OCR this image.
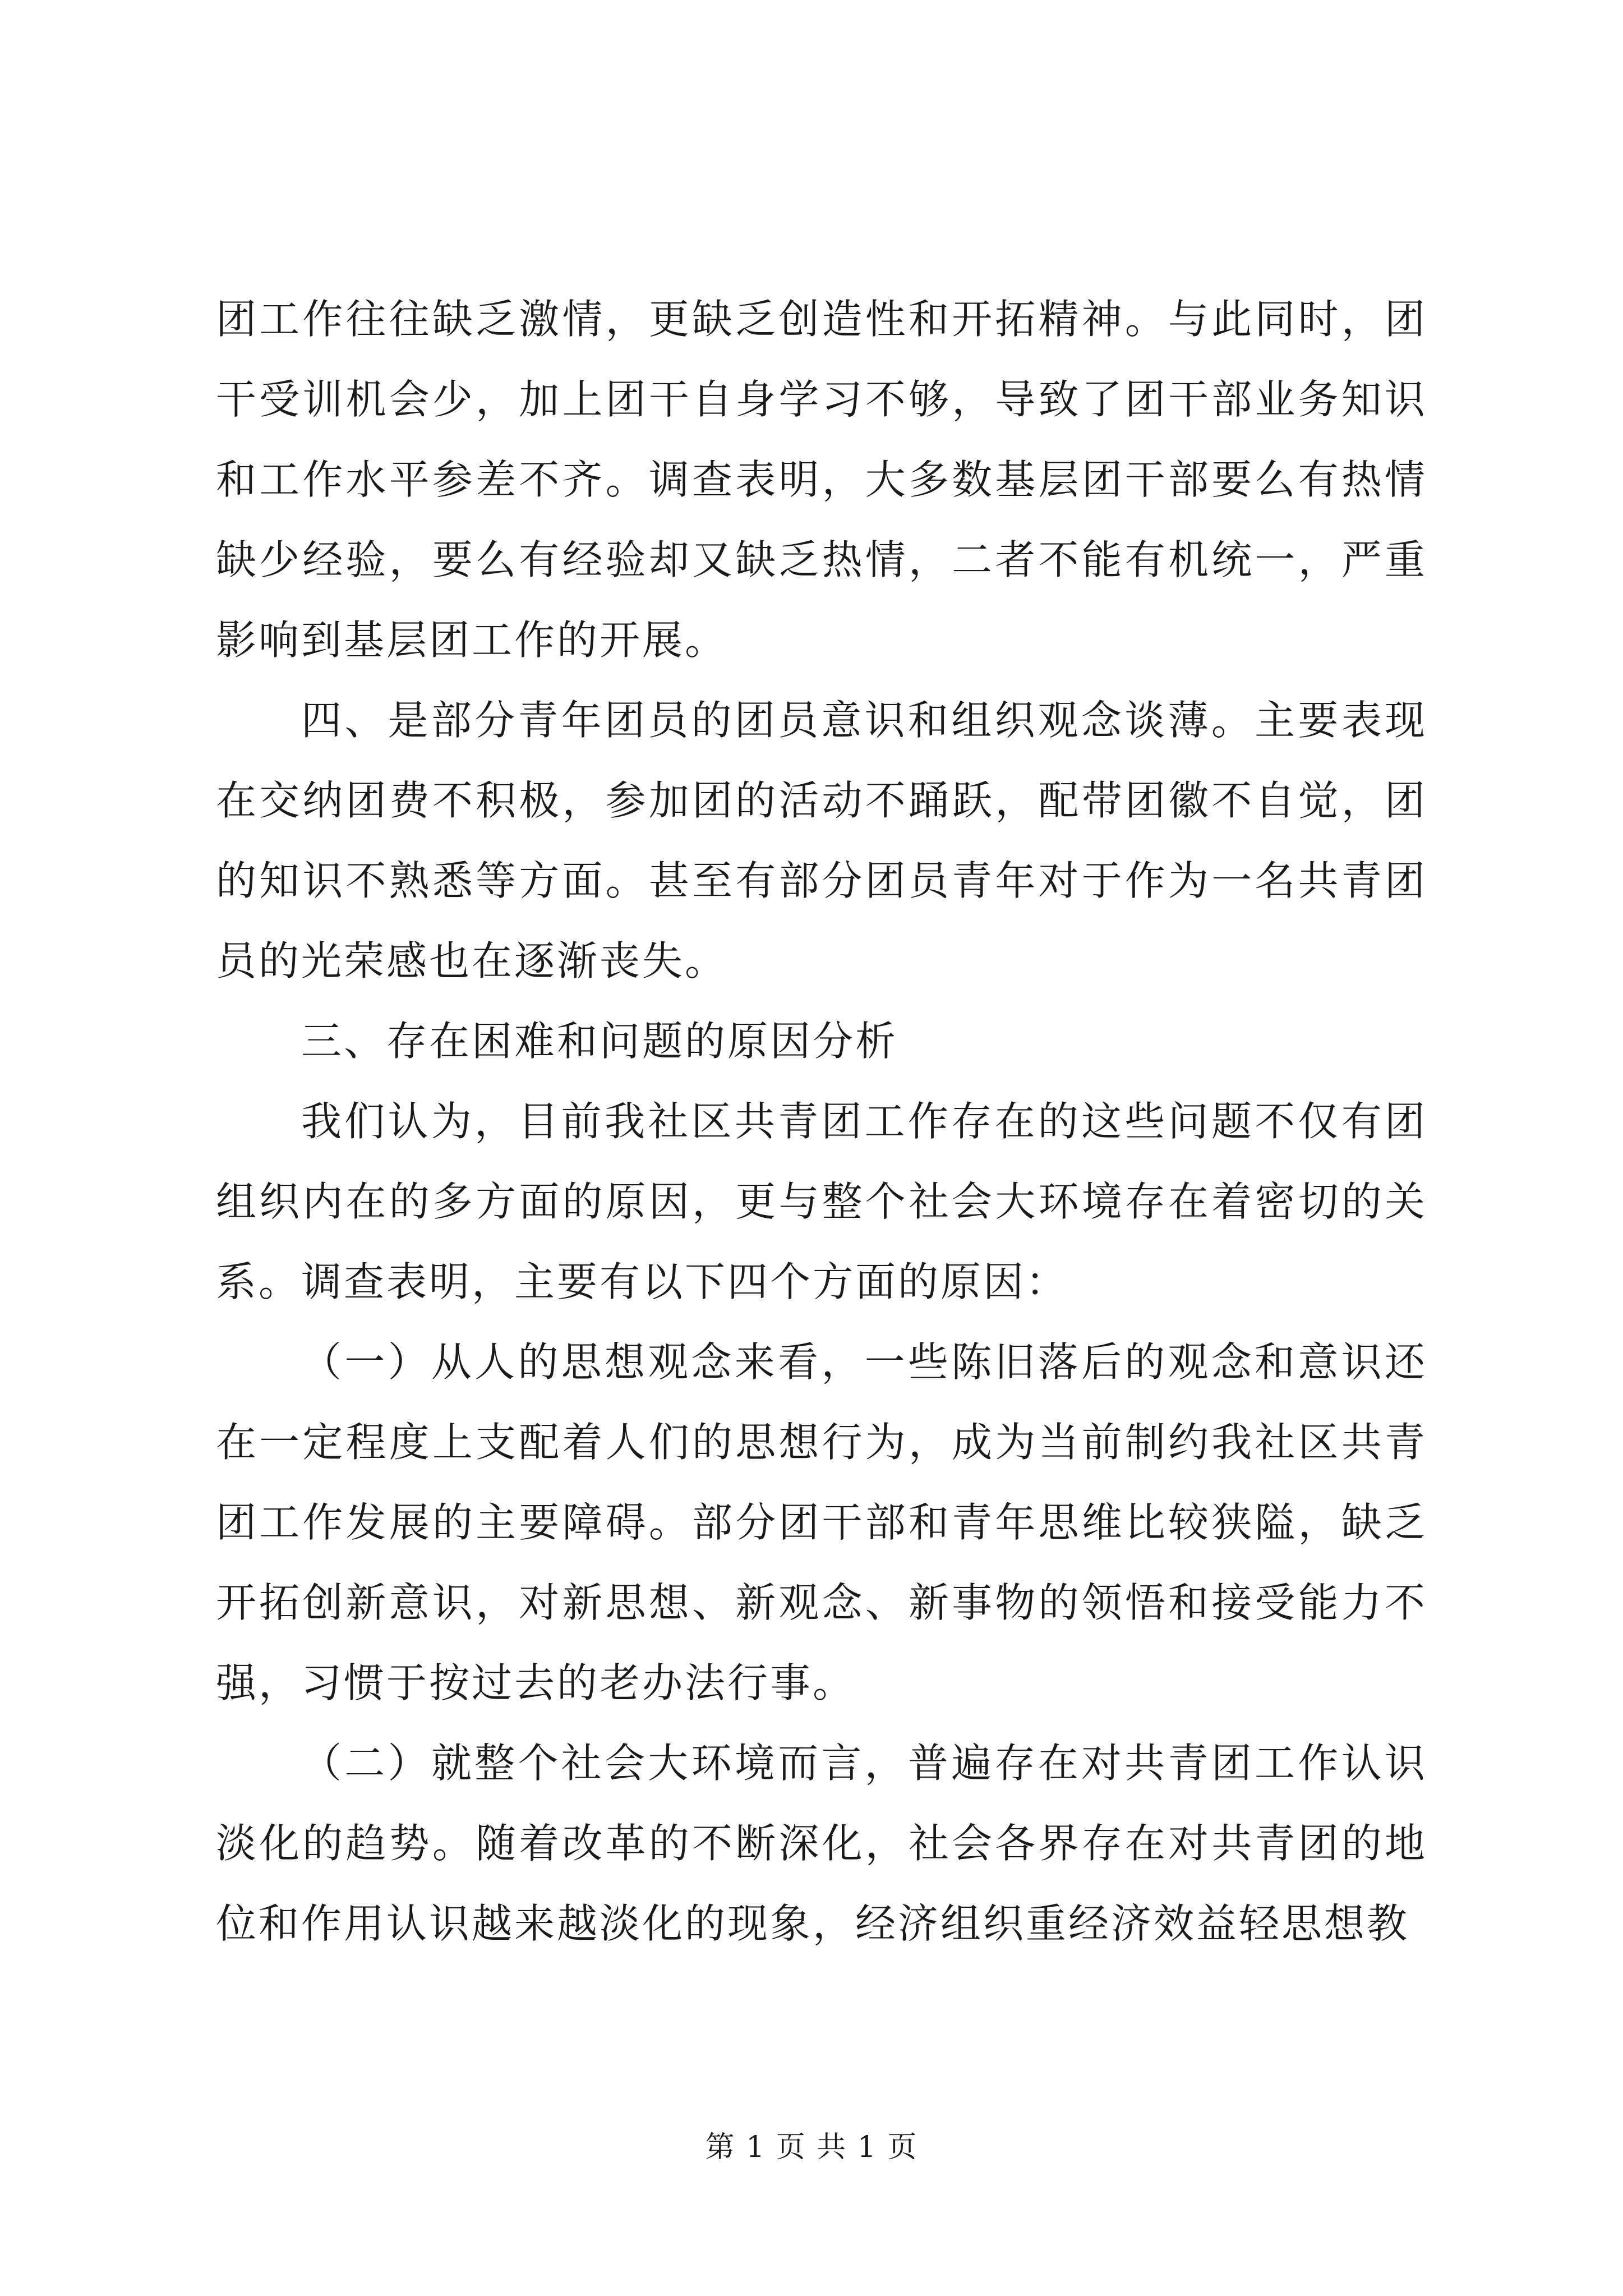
团工作往往缺乏激情，更缺乏创造性和开拓精神。与此同时，团干受训机会少，加上团干自身学习不够，导致了团干部业务知识和工作水平参差不齐。调查表明，大多数基层团干部要么有热情缺少经验，要么有经验却又缺乏热情，二者不能有机统一，严重影响到基层团工作的开展。

四、是部分青年团员的团员意识和组织观念谈薄。主要表现在交纳团费不积极，参加团的活动不踊跃，配带团徽不自觉，团的知识不熟悉等方面。甚至有部分团员青年对于作为一名共青团员的光荣感也在逐渐丧失。

三、存在困难和问题的原因分析

我们认为，目前我社区共青团工作存在的这些问题不仅有团组织内在的多方面的原因，更与整个社会大环境存在着密切的关系。调查表明，主要有以下四个方面的原因：

（一）从人的思想观念来看，一些陈旧落后的观念和意识还在一定程度上支配着人们的思想行为，成为当前制约我社区共青团工作发展的主要障碍。部分团干部和青年思维比较狭隘，缺乏开拓创新意识，对新思想、新观念、新事物的领悟和接受能力不强，习惯于按过去的老办法行事。

（二）就整个社会大环境而言，普遍存在对共青团工作认识淡化的趋势。随着改革的不断深化，社会各界存在对共青团的地位和作用认识越来越淡化的现象，经济组织重经济效益轻思想教

第 1 页 共 1 页
